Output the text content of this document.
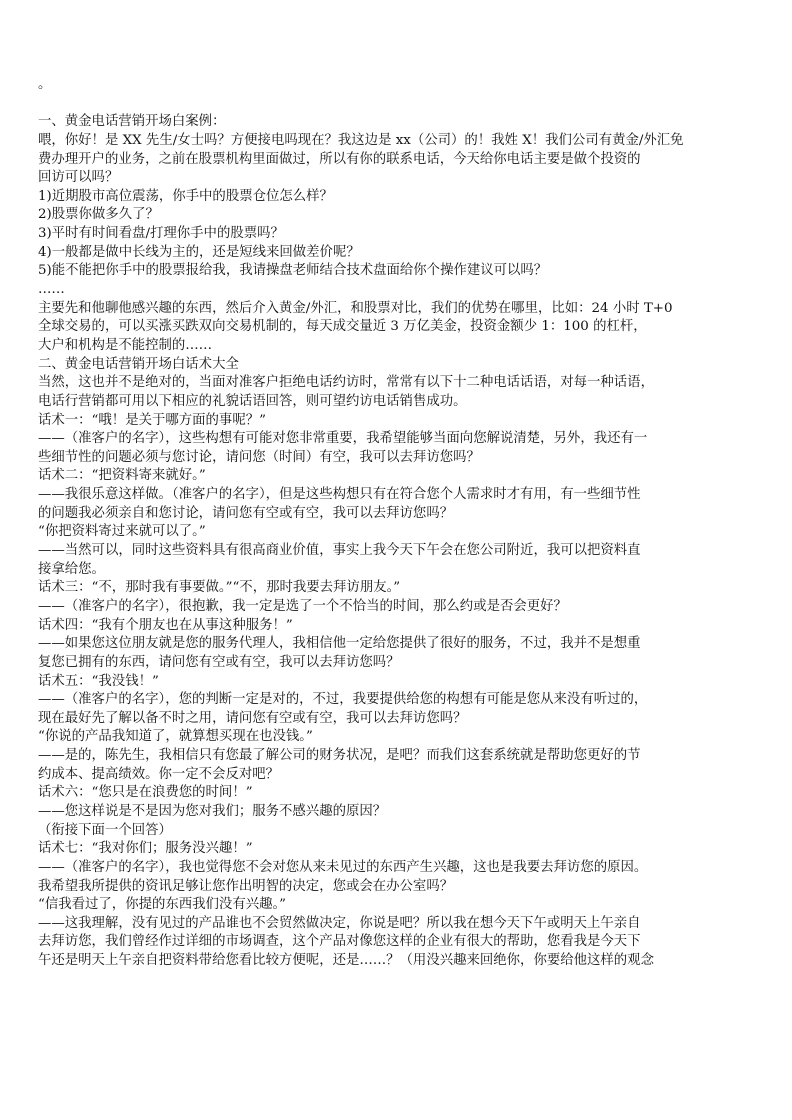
。

一、黄金电话营销开场白案例：

喂，你好！是 XX 先生/女士吗？方便接电吗现在？我这边是 xx（公司）的！我姓 X！我们公司有黄金/外汇免

费办理开户的业务，之前在股票机构里面做过，所以有你的联系电话，今天给你电话主要是做个投资的

回访可以吗？

1)近期股市高位震荡，你手中的股票仓位怎么样？

2)股票你做多久了？

3)平时有时间看盘/打理你手中的股票吗？

4)一般都是做中长线为主的，还是短线来回做差价呢？

5)能不能把你手中的股票报给我，我请操盘老师结合技术盘面给你个操作建议可以吗？

……

主要先和他聊他感兴趣的东西，然后介入黄金/外汇，和股票对比，我们的优势在哪里，比如：24 小时 T+0

全球交易的，可以买涨买跌双向交易机制的，每天成交量近 3 万亿美金，投资金额少 1：100 的杠杆，

大户和机构是不能控制的……

二、黄金电话营销开场白话术大全

当然，这也并不是绝对的，当面对准客户拒绝电话约访时，常常有以下十二种电话话语，对每一种话语，

电话行营销都可用以下相应的礼貌话语回答，则可望约访电话销售成功。

话术一：“哦！是关于哪方面的事呢？”

——（准客户的名字），这些构想有可能对您非常重要，我希望能够当面向您解说清楚，另外，我还有一

些细节性的问题必须与您讨论，请问您（时间）有空，我可以去拜访您吗？

话术二：“把资料寄来就好。”

——我很乐意这样做。（准客户的名字），但是这些构想只有在符合您个人需求时才有用，有一些细节性

的问题我必须亲自和您讨论，请问您有空或有空，我可以去拜访您吗？

“你把资料寄过来就可以了。”

——当然可以，同时这些资料具有很高商业价值，事实上我今天下午会在您公司附近，我可以把资料直

接拿给您。

话术三：“不，那时我有事要做。”“不，那时我要去拜访朋友。”

——（准客户的名字），很抱歉，我一定是选了一个不恰当的时间，那么约或是否会更好？

话术四：“我有个朋友也在从事这种服务！”

——如果您这位朋友就是您的服务代理人，我相信他一定给您提供了很好的服务，不过，我并不是想重

复您已拥有的东西，请问您有空或有空，我可以去拜访您吗？

话术五：“我没钱！”

——（准客户的名字），您的判断一定是对的，不过，我要提供给您的构想有可能是您从来没有听过的，

现在最好先了解以备不时之用，请问您有空或有空，我可以去拜访您吗？

“你说的产品我知道了，就算想买现在也没钱。”

——是的，陈先生，我相信只有您最了解公司的财务状况，是吧？而我们这套系统就是帮助您更好的节

约成本、提高绩效。你一定不会反对吧？

话术六：“您只是在浪费您的时间！”

——您这样说是不是因为您对我们；服务不感兴趣的原因？

（衔接下面一个回答）

话术七：“我对你们；服务没兴趣！”

——（准客户的名字），我也觉得您不会对您从来未见过的东西产生兴趣，这也是我要去拜访您的原因。

我希望我所提供的资讯足够让您作出明智的决定，您或会在办公室吗？

“信我看过了，你提的东西我们没有兴趣。”

——这我理解，没有见过的产品谁也不会贸然做决定，你说是吧？所以我在想今天下午或明天上午亲自

去拜访您，我们曾经作过详细的市场调查，这个产品对像您这样的企业有很大的帮助，您看我是今天下

午还是明天上午亲自把资料带给您看比较方便呢，还是……？（用没兴趣来回绝你，你要给他这样的观念
